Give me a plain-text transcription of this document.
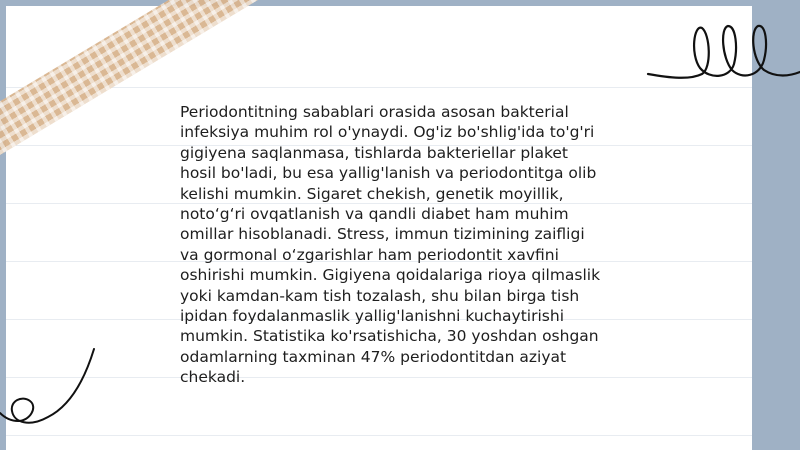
Periodontitning sabablari orasida asosan bakterial
infeksiya muhim rol o'ynaydi. Og'iz bo'shlig'ida to'g'ri
gigiyena saqlanmasa, tishlarda bakteriellar plaket
hosil bo'ladi, bu esa yallig'lanish va periodontitga olib
kelishi mumkin. Sigaret chekish, genetik moyillik,
noto‘g‘ri ovqatlanish va qandli diabet ham muhim
omillar hisoblanadi. Stress, immun tizimining zaifligi
va gormonal o‘zgarishlar ham periodontit xavfini
oshirishi mumkin. Gigiyena qoidalariga rioya qilmaslik
yoki kamdan-kam tish tozalash, shu bilan birga tish
ipidan foydalanmaslik yallig'lanishni kuchaytirishi
mumkin. Statistika ko'rsatishicha, 30 yoshdan oshgan
odamlarning taxminan 47% periodontitdan aziyat
chekadi.
